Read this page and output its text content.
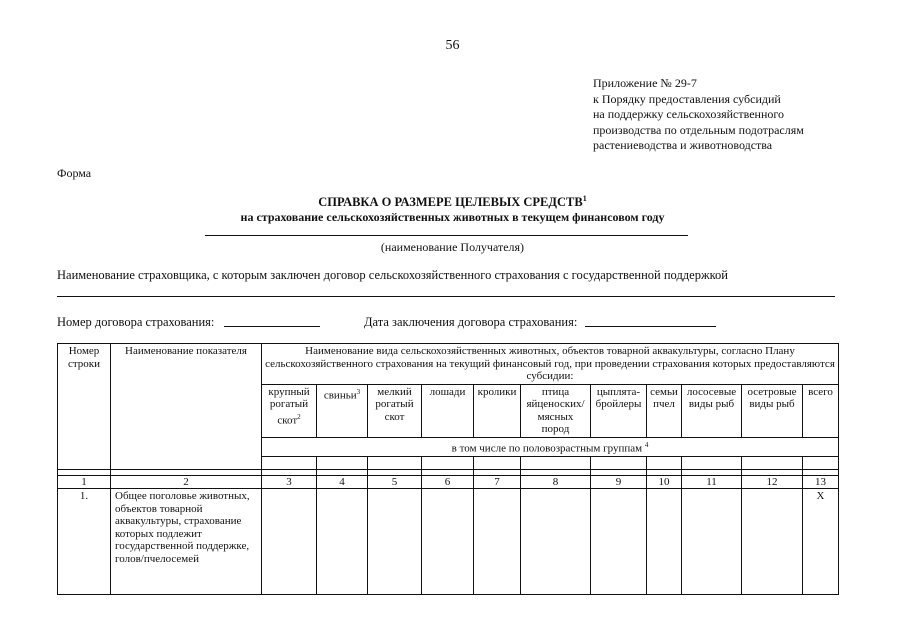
56
Приложение № 29-7
к Порядку предоставления субсидий
на поддержку сельскохозяйственного
производства по отдельным подотраслям
растениеводства и животноводства
Форма
СПРАВКА О РАЗМЕРЕ ЦЕЛЕВЫХ СРЕДСТВ$^1$
на страхование сельскохозяйственных животных в текущем финансовом году
(наименование Получателя)
Наименование страховщика, с которым заключен договор сельскохозяйственного страхования с государственной поддержкой
Номер договора страхования:	Дата заключения договора страхования:
Номер строки	Наименование показателя	Наименование вида сельскохозяйственных животных, объектов товарной аквакультуры, согласно Плану сельскохозяйственного страхования на текущий финансовый год, при проведении страхования которых предоставляются субсидии:										
		крупный рогатый скот$^2$	свиньи$^3$	мелкий рогатый скот	лошади	кролики	птица яйценоских/ мясных пород	цыплята-бройлеры	семьи пчел	лососевые виды рыб	осетровые виды рыб	всего
		в том числе по половозрастным группам $^4$

1	2	3	4	5	6	7	8	9	10	11	12	13
1.	Общее поголовье животных, объектов товарной аквакультуры, страхование которых подлежит государственной поддержке, голов/пчелосемей											Х
